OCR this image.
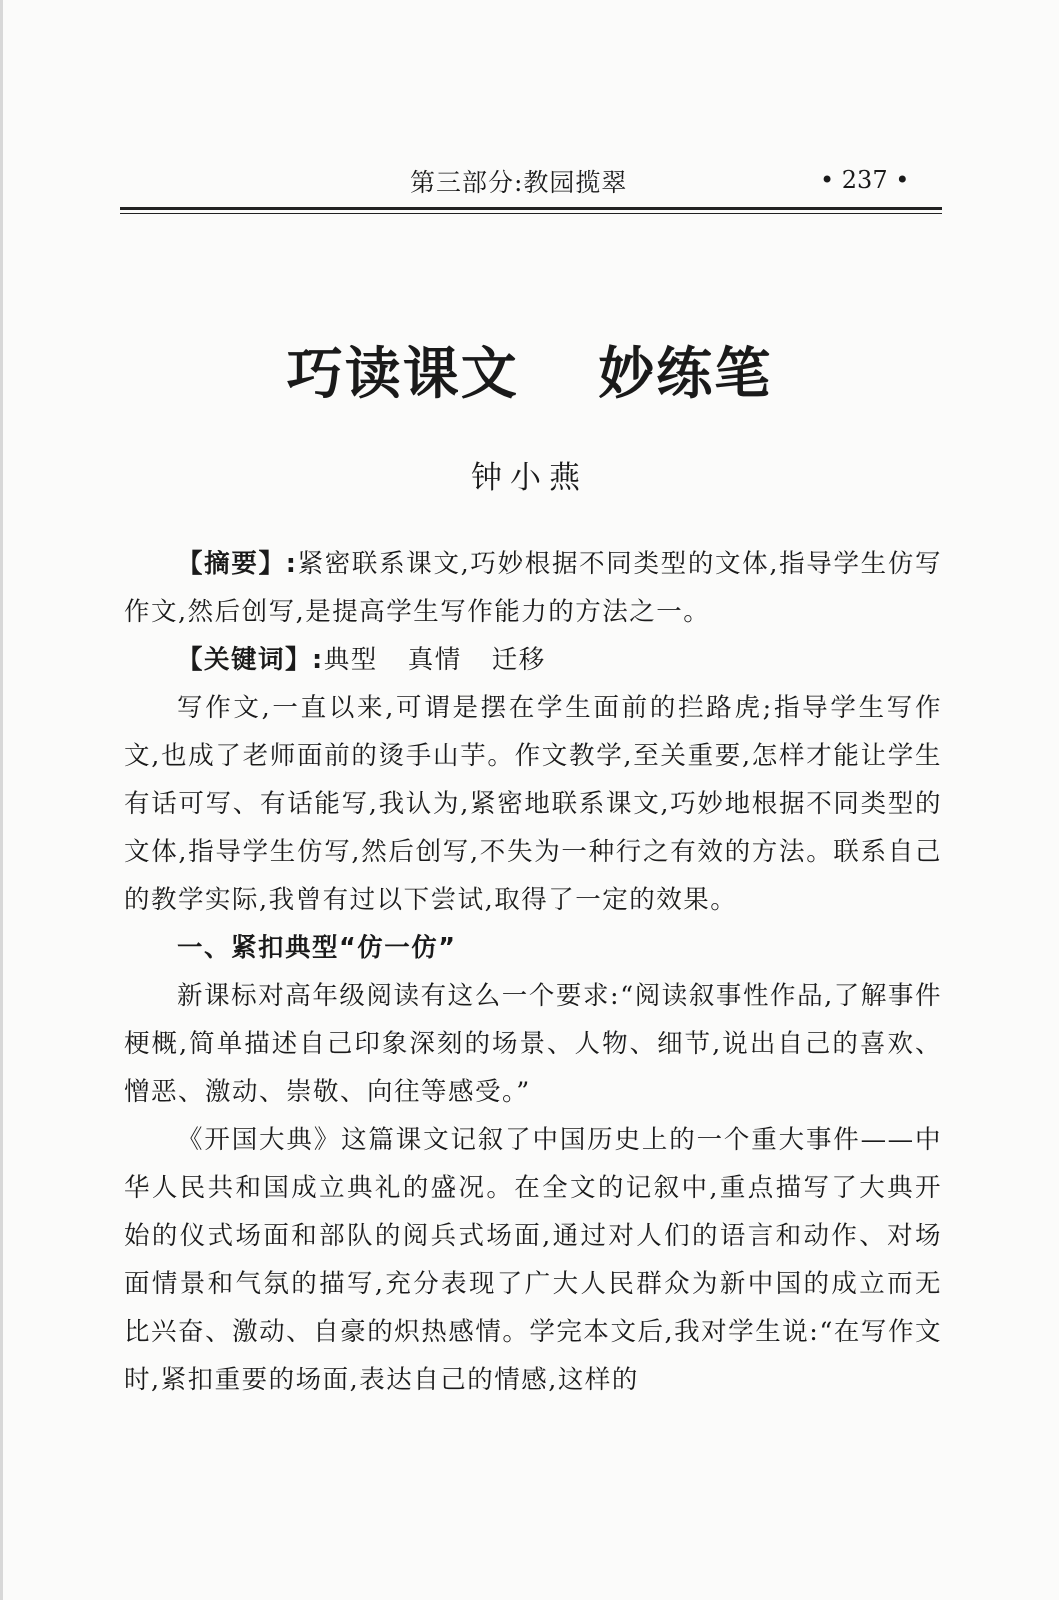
第三部分:教园揽翠	• 237 •
巧读课文　 妙练笔
钟小燕

【摘要】:紧密联系课文,巧妙根据不同类型的文体,指导学生仿写作文,然后创写,是提高学生写作能力的方法之一。

【关键词】:典型 真情 迁移

写作文,一直以来,可谓是摆在学生面前的拦路虎;指导学生写作文,也成了老师面前的烫手山芋。作文教学,至关重要,怎样才能让学生有话可写、有话能写,我认为,紧密地联系课文,巧妙地根据不同类型的文体,指导学生仿写,然后创写,不失为一种行之有效的方法。联系自己的教学实际,我曾有过以下尝试,取得了一定的效果。

一、紧扣典型“仿一仿”

新课标对高年级阅读有这么一个要求:“阅读叙事性作品,了解事件梗概,简单描述自己印象深刻的场景、人物、细节,说出自己的喜欢、憎恶、激动、崇敬、向往等感受。”

《开国大典》这篇课文记叙了中国历史上的一个重大事件——中华人民共和国成立典礼的盛况。在全文的记叙中,重点描写了大典开始的仪式场面和部队的阅兵式场面,通过对人们的语言和动作、对场面情景和气氛的描写,充分表现了广大人民群众为新中国的成立而无比兴奋、激动、自豪的炽热感情。学完本文后,我对学生说:“在写作文时,紧扣重要的场面,表达自己的情感,这样的
